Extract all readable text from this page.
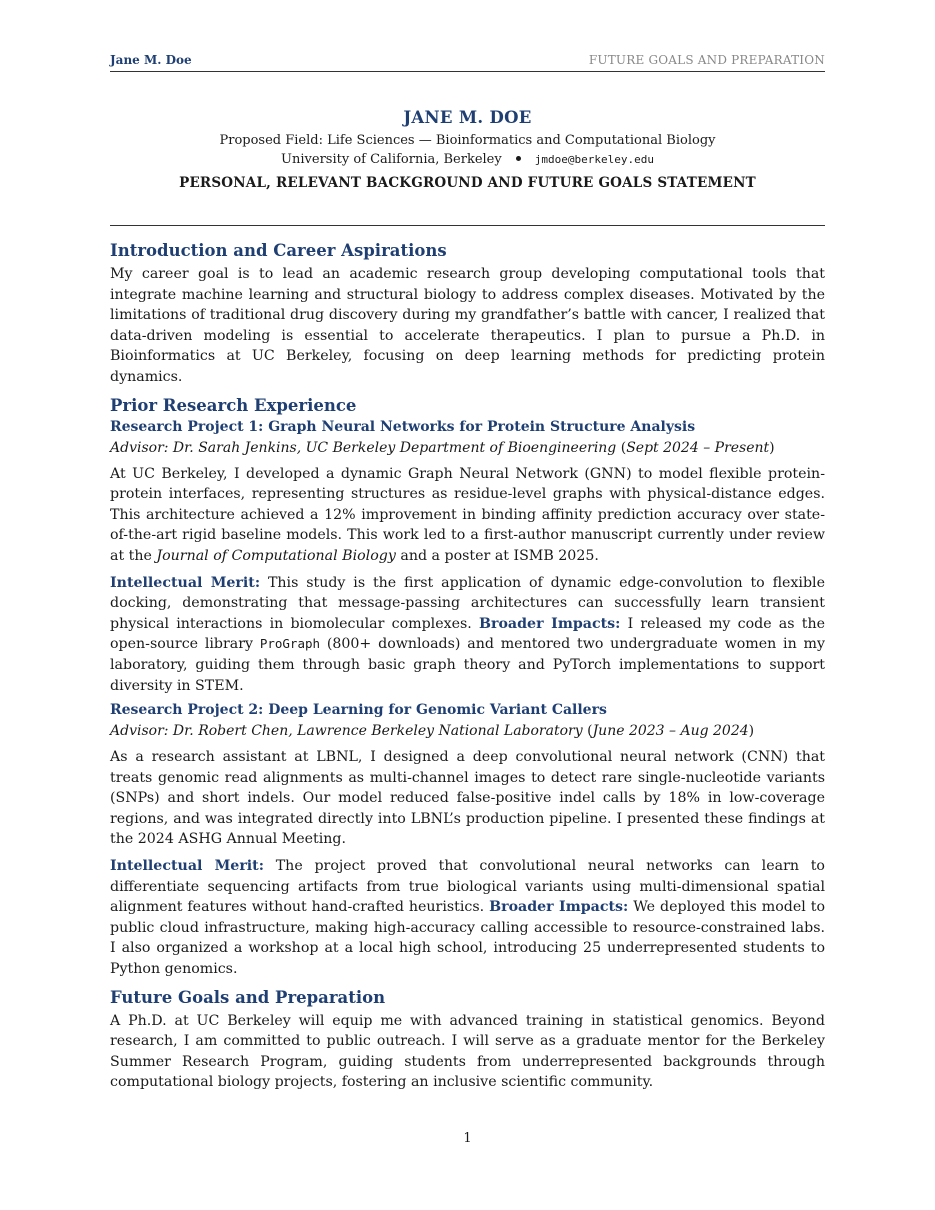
Jane M. Doe	FUTURE GOALS AND PREPARATION
JANE M. DOE
Proposed Field: Life Sciences — Bioinformatics and Computational Biology
University of California, Berkeley	jmdoe@berkeley.edu
PERSONAL, RELEVANT BACKGROUND AND FUTURE GOALS STATEMENT
Introduction and Career Aspirations

My career goal is to lead an academic research group developing computational tools that integrate machine learning and structural biology to address complex diseases. Motivated by the limitations of traditional drug discovery during my grandfather’s battle with cancer, I realized that data-driven modeling is essential to accelerate therapeutics. I plan to pursue a Ph.D. in Bioinformatics at UC Berkeley, focusing on deep learning methods for predicting protein dynamics.

Prior Research Experience
Research Project 1: Graph Neural Networks for Protein Structure Analysis
Advisor: Dr. Sarah Jenkins, UC Berkeley Department of Bioengineering (Sept 2024 – Present)

At UC Berkeley, I developed a dynamic Graph Neural Network (GNN) to model flexible protein-protein interfaces, representing structures as residue-level graphs with physical-distance edges. This architecture achieved a 12% improvement in binding affinity prediction accuracy over state-of-the-art rigid baseline models. This work led to a first-author manuscript currently under review at the Journal of Computational Biology and a poster at ISMB 2025.

Intellectual Merit: This study is the first application of dynamic edge-convolution to flexible docking, demonstrating that message-passing architectures can successfully learn transient physical interactions in biomolecular complexes. Broader Impacts: I released my code as the open-source library ProGraph (800+ downloads) and mentored two undergraduate women in my laboratory, guiding them through basic graph theory and PyTorch implementations to support diversity in STEM.

Research Project 2: Deep Learning for Genomic Variant Callers
Advisor: Dr. Robert Chen, Lawrence Berkeley National Laboratory (June 2023 – Aug 2024)

As a research assistant at LBNL, I designed a deep convolutional neural network (CNN) that treats genomic read alignments as multi-channel images to detect rare single-nucleotide variants (SNPs) and short indels. Our model reduced false-positive indel calls by 18% in low-coverage regions, and was integrated directly into LBNL’s production pipeline. I presented these findings at the 2024 ASHG Annual Meeting.

Intellectual Merit: The project proved that convolutional neural networks can learn to differentiate sequencing artifacts from true biological variants using multi-dimensional spatial alignment features without hand-crafted heuristics. Broader Impacts: We deployed this model to public cloud infrastructure, making high-accuracy calling accessible to resource-constrained labs. I also organized a workshop at a local high school, introducing 25 underrepresented students to Python genomics.

Future Goals and Preparation

A Ph.D. at UC Berkeley will equip me with advanced training in statistical genomics. Beyond research, I am committed to public outreach. I will serve as a graduate mentor for the Berkeley Summer Research Program, guiding students from underrepresented backgrounds through computational biology projects, fostering an inclusive scientific community.

1
